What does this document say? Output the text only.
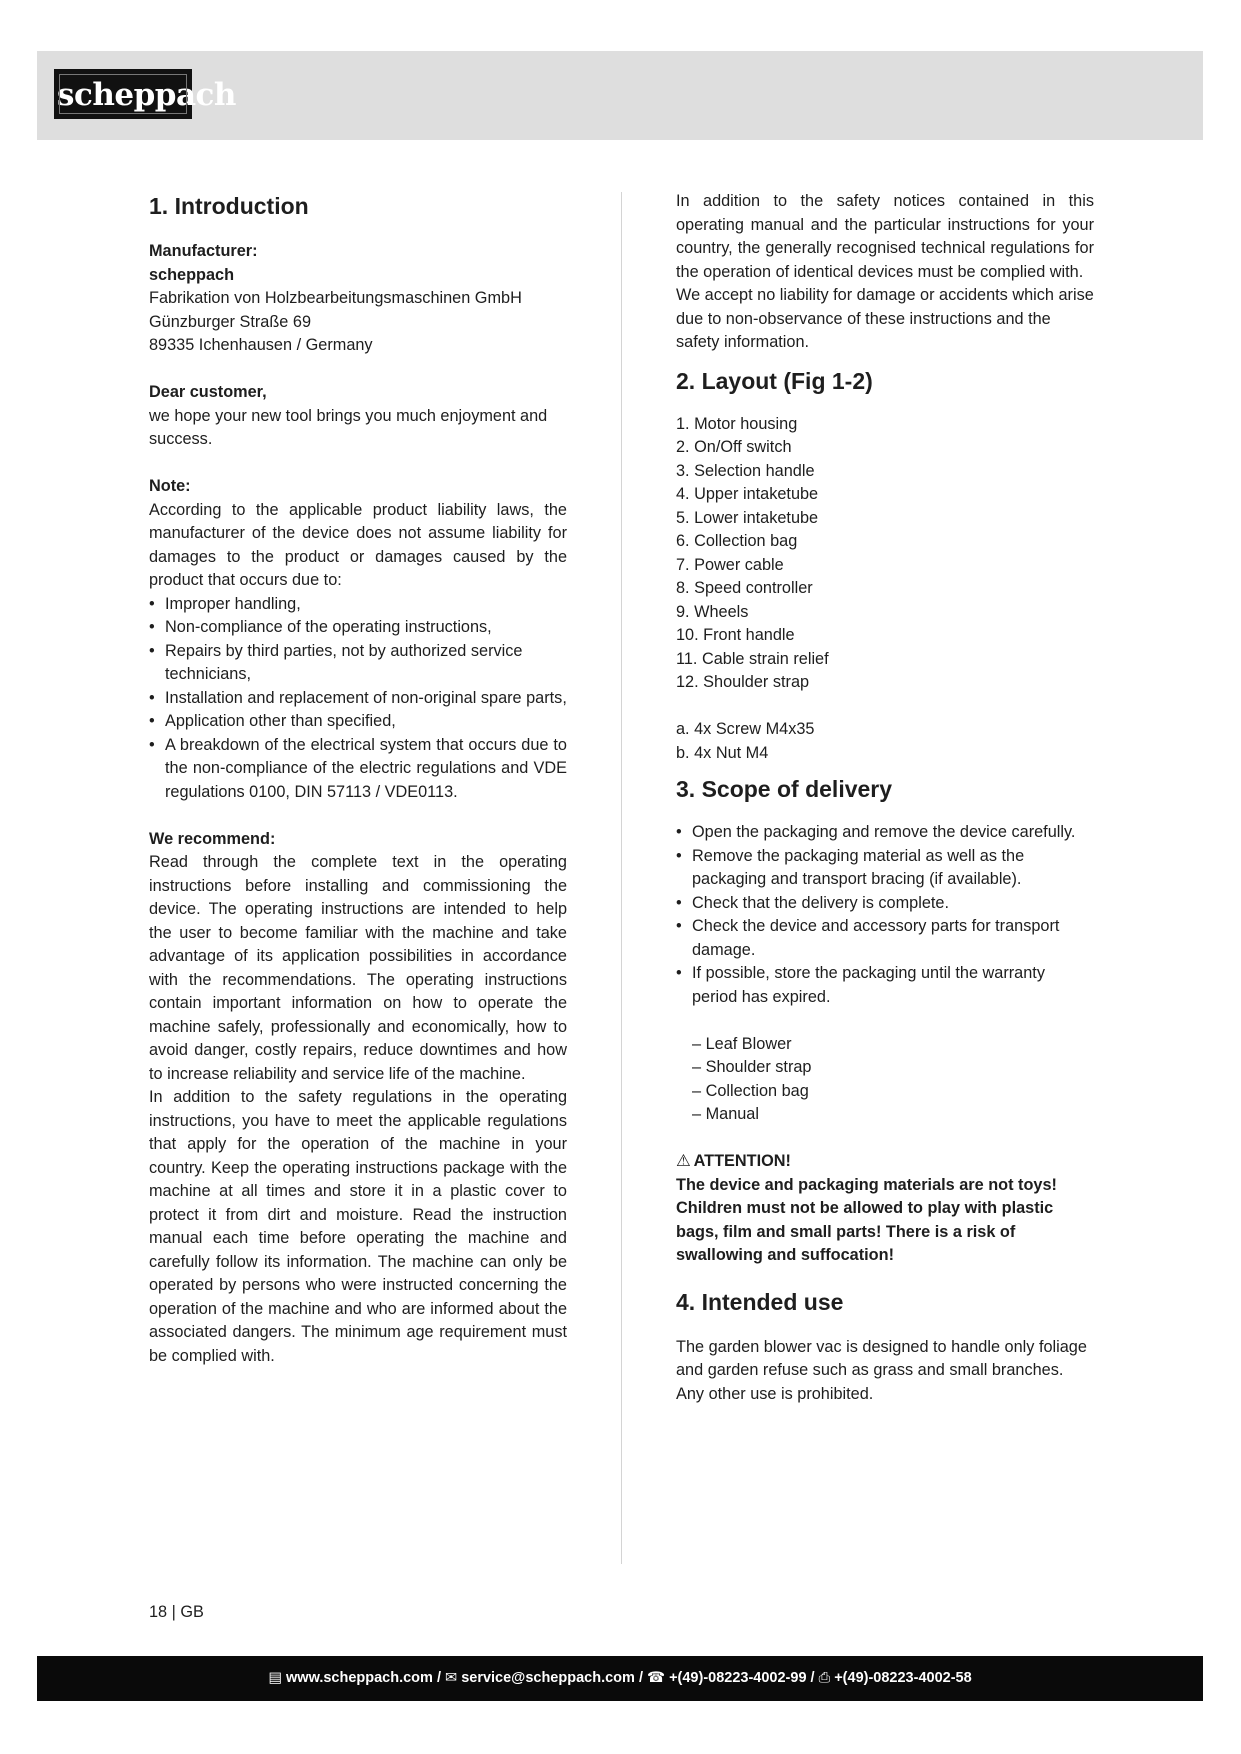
scheppach
1. Introduction

Manufacturer:

scheppach

Fabrikation von Holzbearbeitungsmaschinen GmbH

Günzburger Straße 69

89335 Ichenhausen / Germany

Dear customer,

we hope your new tool brings you much enjoyment and success.

Note:

According to the applicable product liability laws, the manufacturer of the device does not assume liability for damages to the product or damages caused by the product that occurs due to:

• Improper handling,
• Non-compliance of the operating instructions,
• Repairs by third parties, not by authorized service technicians,
• Installation and replacement of non-original spare parts,
• Application other than specified,
• A breakdown of the electrical system that occurs due to the non-compliance of the electric regulations and VDE regulations 0100, DIN 57113 / VDE0113.

We recommend:

Read through the complete text in the operating instructions before installing and commissioning the device. The operating instructions are intended to help the user to become familiar with the machine and take advantage of its application possibilities in accordance with the recommendations. The operating instructions contain important information on how to operate the machine safely, professionally and economically, how to avoid danger, costly repairs, reduce downtimes and how to increase reliability and service life of the machine.

In addition to the safety regulations in the operating instructions, you have to meet the applicable regulations that apply for the operation of the machine in your country. Keep the operating instructions package with the machine at all times and store it in a plastic cover to protect it from dirt and moisture. Read the instruction manual each time before operating the machine and carefully follow its information. The machine can only be operated by persons who were instructed concerning the operation of the machine and who are informed about the associated dangers. The minimum age requirement must be complied with.

In addition to the safety notices contained in this operating manual and the particular instructions for your country, the generally recognised technical regulations for the operation of identical devices must be complied with.

We accept no liability for damage or accidents which arise due to non-observance of these instructions and the safety information.

2. Layout (Fig 1-2)
1. Motor housing
2. On/Off switch
3. Selection handle
4. Upper intaketube
5. Lower intaketube
6. Collection bag
7. Power cable
8. Speed controller
9. Wheels
10. Front handle
11. Cable strain relief
12. Shoulder strap
a. 4x Screw M4x35
b. 4x Nut M4
3. Scope of delivery
• Open the packaging and remove the device carefully.
• Remove the packaging material as well as the packaging and transport bracing (if available).
• Check that the delivery is complete.
• Check the device and accessory parts for transport damage.
• If possible, store the packaging until the warranty period has expired.
– Leaf Blower
– Shoulder strap
– Collection bag
– Manual

⚠ ATTENTION!

The device and packaging materials are not toys! Children must not be allowed to play with plastic bags, film and small parts! There is a risk of swallowing and suffocation!

4. Intended use

The garden blower vac is designed to handle only foliage and garden refuse such as grass and small branches. Any other use is prohibited.

18 | GB
▤ www.scheppach.com / ✉ service@scheppach.com / ☎ +(49)-08223-4002-99 / ⎙ +(49)-08223-4002-58
